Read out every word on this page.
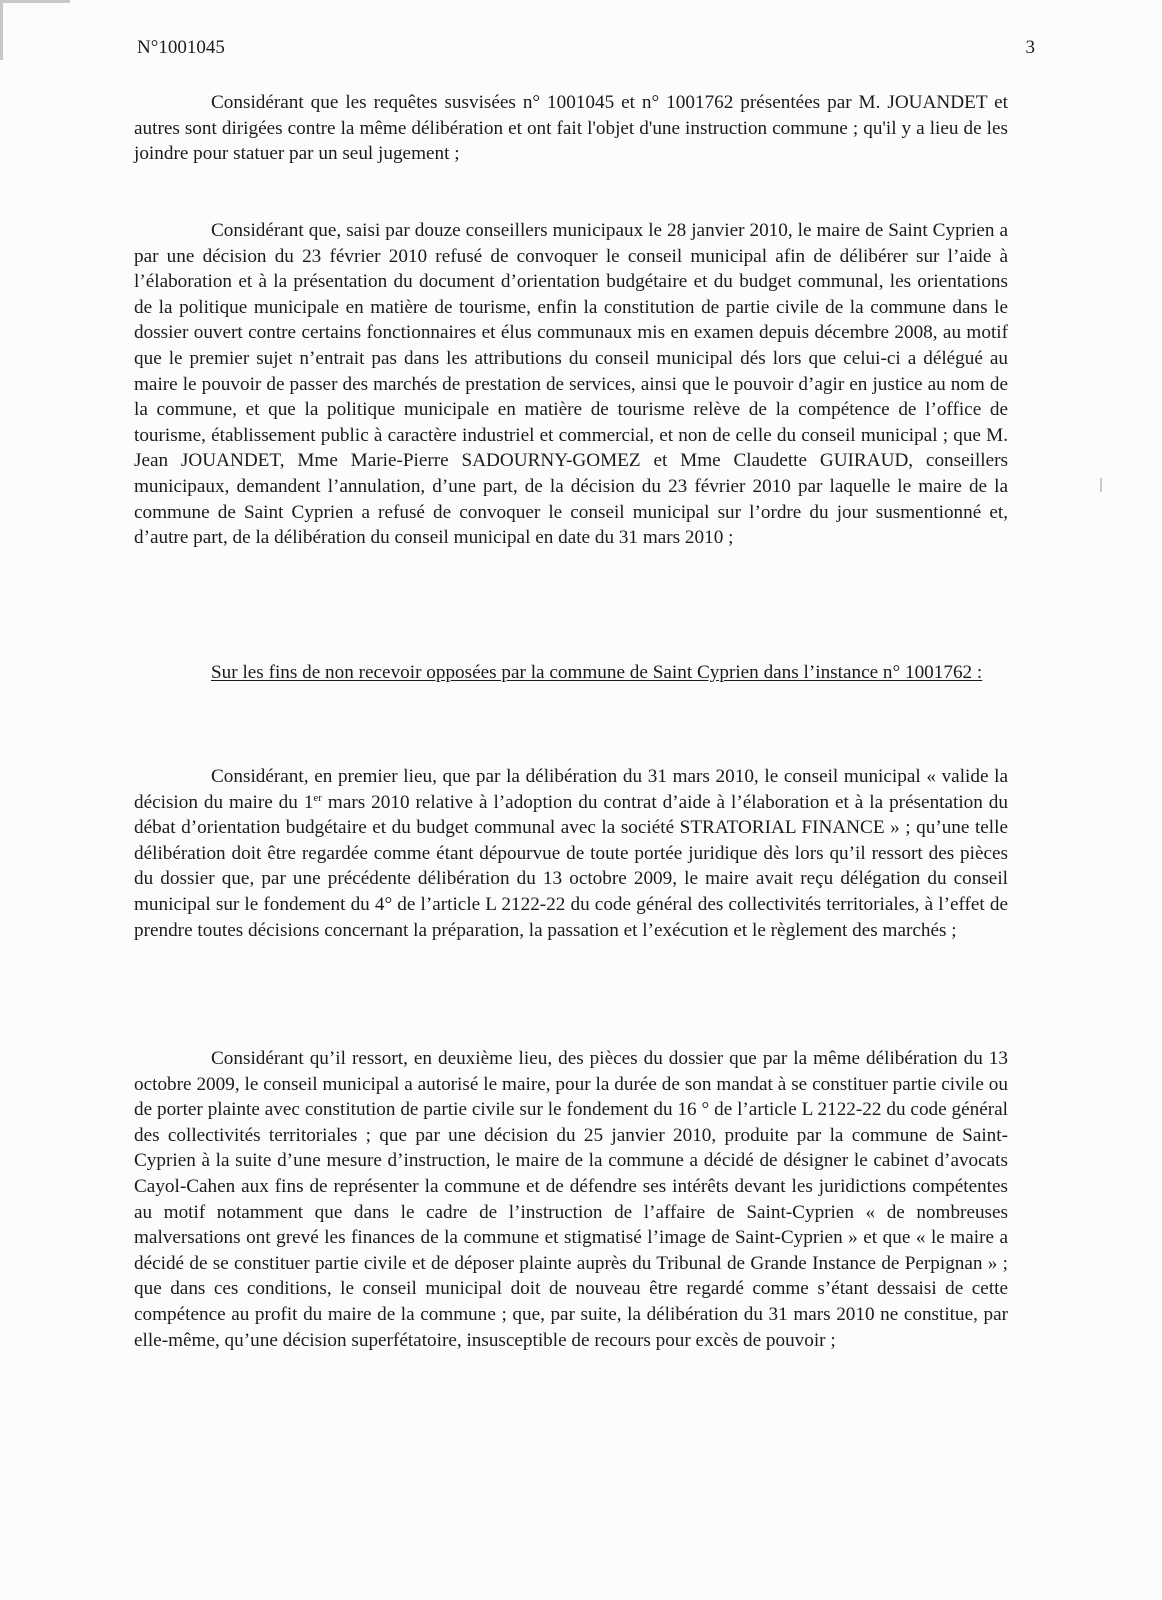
N°1001045	3

Considérant que les requêtes susvisées n° 1001045 et n° 1001762 présentées par M. JOUANDET et autres sont dirigées contre la même délibération et ont fait l'objet d'une instruction commune ; qu'il y a lieu de les joindre pour statuer par un seul jugement ;

Considérant que, saisi par douze conseillers municipaux le 28 janvier 2010, le maire de Saint Cyprien a par une décision du 23 février 2010 refusé de convoquer le conseil municipal afin de délibérer sur l’aide à l’élaboration et à la présentation du document d’orientation budgétaire et du budget communal, les orientations de la politique municipale en matière de tourisme, enfin la constitution de partie civile de la commune dans le dossier ouvert contre certains fonctionnaires et élus communaux mis en examen depuis décembre 2008, au motif que le premier sujet n’entrait pas dans les attributions du conseil municipal dés lors que celui-ci a délégué au maire le pouvoir de passer des marchés de prestation de services, ainsi que le pouvoir d’agir en justice au nom de la commune, et que la politique municipale en matière de tourisme relève de la compétence de l’office de tourisme, établissement public à caractère industriel et commercial, et non de celle du conseil municipal ; que M. Jean JOUANDET, Mme Marie-Pierre SADOURNY-GOMEZ et Mme Claudette GUIRAUD, conseillers municipaux, demandent l’annulation, d’une part, de la décision du 23 février 2010 par laquelle le maire de la commune de Saint Cyprien a refusé de convoquer le conseil municipal sur l’ordre du jour susmentionné et, d’autre part, de la délibération du conseil municipal en date du 31 mars 2010 ;

Sur les fins de non recevoir opposées par la commune de Saint Cyprien dans l’instance n° 1001762 :

Considérant, en premier lieu, que par la délibération du 31 mars 2010, le conseil municipal « valide la décision du maire du 1er mars 2010 relative à l’adoption du contrat d’aide à l’élaboration et à la présentation du débat d’orientation budgétaire et du budget communal avec la société STRATORIAL FINANCE » ; qu’une telle délibération doit être regardée comme étant dépourvue de toute portée juridique dès lors qu’il ressort des pièces du dossier que, par une précédente délibération du 13 octobre 2009, le maire avait reçu délégation du conseil municipal sur le fondement du 4° de l’article L 2122-22 du code général des collectivités territoriales, à l’effet de prendre toutes décisions concernant la préparation, la passation et l’exécution et le règlement des marchés ;

Considérant qu’il ressort, en deuxième lieu, des pièces du dossier que par la même délibération du 13 octobre 2009, le conseil municipal a autorisé le maire, pour la durée de son mandat à se constituer partie civile ou de porter plainte avec constitution de partie civile sur le fondement du 16 ° de l’article L 2122-22 du code général des collectivités territoriales ; que par une décision du 25 janvier 2010, produite par la commune de Saint-Cyprien à la suite d’une mesure d’instruction, le maire de la commune a décidé de désigner le cabinet d’avocats Cayol-Cahen aux fins de représenter la commune et de défendre ses intérêts devant les juridictions compétentes au motif notamment que dans le cadre de l’instruction de l’affaire de Saint-Cyprien « de nombreuses malversations ont grevé les finances de la commune et stigmatisé l’image de Saint-Cyprien » et que « le maire a décidé de se constituer partie civile et de déposer plainte auprès du Tribunal de Grande Instance de Perpignan » ; que dans ces conditions, le conseil municipal doit de nouveau être regardé comme s’étant dessaisi de cette compétence au profit du maire de la commune ; que, par suite, la délibération du 31 mars 2010 ne constitue, par elle-même, qu’une décision superfétatoire, insusceptible de recours pour excès de pouvoir ;
